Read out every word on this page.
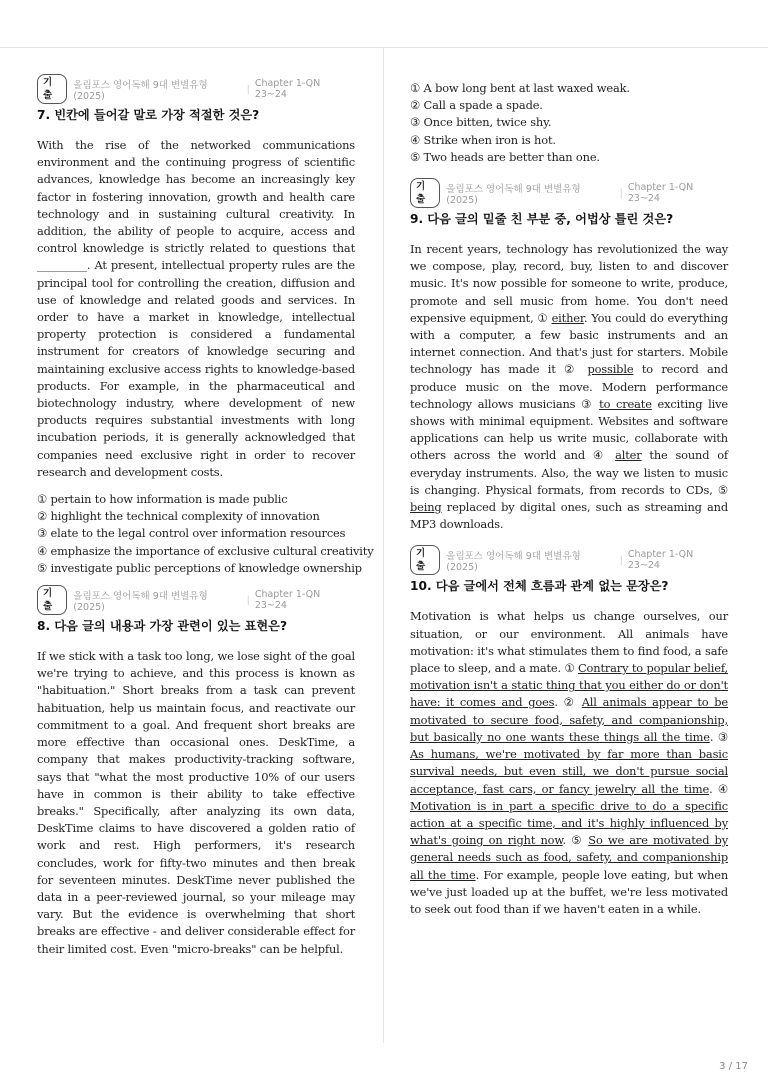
기출
올림포스 영어독해 9대 변별유형 (2025)
| Chapter 1-QN 23~24
7. 빈칸에 들어갈 말로 가장 적절한 것은?

With the rise of the networked communications environment and the continuing progress of scientific advances, knowledge has become an increasingly key factor in fostering innovation, growth and health care technology and in sustaining cultural creativity. In addition, the ability of people to acquire, access and control knowledge is strictly related to questions that _________. At present, intellectual property rules are the principal tool for controlling the creation, diffusion and use of knowledge and related goods and services. In order to have a market in knowledge, intellectual property protection is considered a fundamental instrument for creators of knowledge securing and maintaining exclusive access rights to knowledge-based products. For example, in the pharmaceutical and biotechnology industry, where development of new products requires substantial investments with long incubation periods, it is generally acknowledged that companies need exclusive right in order to recover research and development costs.

① pertain to how information is made public
② highlight the technical complexity of innovation
③ elate to the legal control over information resources
④ emphasize the importance of exclusive cultural creativity
⑤ investigate public perceptions of knowledge ownership
기출
올림포스 영어독해 9대 변별유형 (2025)
| Chapter 1-QN 23~24
8. 다음 글의 내용과 가장 관련이 있는 표현은?

If we stick with a task too long, we lose sight of the goal we're trying to achieve, and this process is known as "habituation." Short breaks from a task can prevent habituation, help us maintain focus, and reactivate our commitment to a goal. And frequent short breaks are more effective than occasional ones. DeskTime, a company that makes productivity-tracking software, says that "what the most productive 10% of our users have in common is their ability to take effective breaks." Specifically, after analyzing its own data, DeskTime claims to have discovered a golden ratio of work and rest. High performers, it's research concludes, work for fifty-two minutes and then break for seventeen minutes. DeskTime never published the data in a peer-reviewed journal, so your mileage may vary. But the evidence is overwhelming that short breaks are effective - and deliver considerable effect for their limited cost. Even "micro-breaks" can be helpful.

① A bow long bent at last waxed weak.
② Call a spade a spade.
③ Once bitten, twice shy.
④ Strike when iron is hot.
⑤ Two heads are better than one.
기출
올림포스 영어독해 9대 변별유형 (2025)
| Chapter 1-QN 23~24
9. 다음 글의 밑줄 친 부분 중, 어법상 틀린 것은?

In recent years, technology has revolutionized the way we compose, play, record, buy, listen to and discover music. It's now possible for someone to write, produce, promote and sell music from home. You don't need expensive equipment, ① either. You could do everything with a computer, a few basic instruments and an internet connection. And that's just for starters. Mobile technology has made it ② possible to record and produce music on the move. Modern performance technology allows musicians ③ to create exciting live shows with minimal equipment. Websites and software applications can help us write music, collaborate with others across the world and ④ alter the sound of everyday instruments. Also, the way we listen to music is changing. Physical formats, from records to CDs, ⑤ being replaced by digital ones, such as streaming and MP3 downloads.

기출
올림포스 영어독해 9대 변별유형 (2025)
| Chapter 1-QN 23~24
10. 다음 글에서 전체 흐름과 관계 없는 문장은?

Motivation is what helps us change ourselves, our situation, or our environment. All animals have motivation: it's what stimulates them to find food, a safe place to sleep, and a mate. ① Contrary to popular belief, motivation isn't a static thing that you either do or don't have: it comes and goes. ② All animals appear to be motivated to secure food, safety, and companionship, but basically no one wants these things all the time. ③ As humans, we're motivated by far more than basic survival needs, but even still, we don't pursue social acceptance, fast cars, or fancy jewelry all the time. ④ Motivation is in part a specific drive to do a specific action at a specific time, and it's highly influenced by what's going on right now. ⑤ So we are motivated by general needs such as food, safety, and companionship all the time. For example, people love eating, but when we've just loaded up at the buffet, we're less motivated to seek out food than if we haven't eaten in a while.

3 / 17
